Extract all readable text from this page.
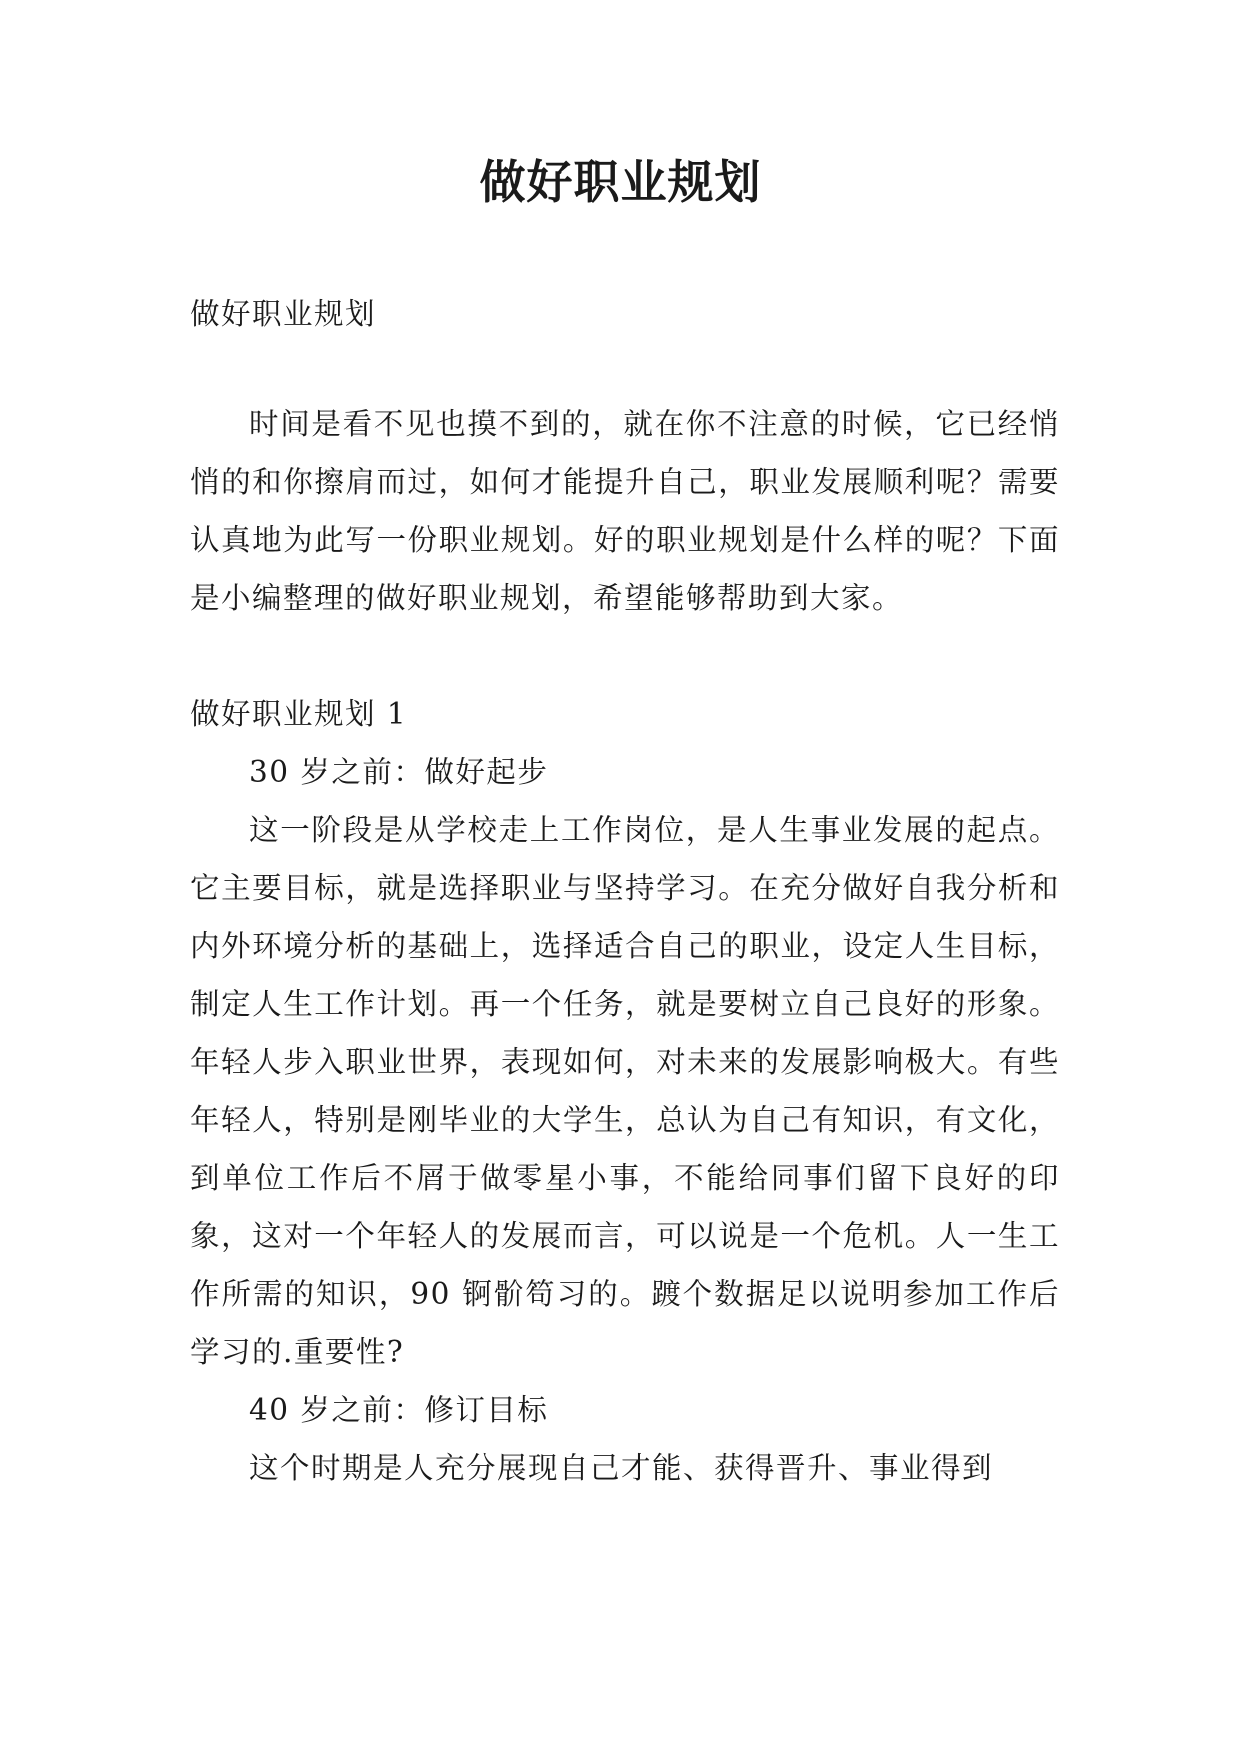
做好职业规划

做好职业规划

时间是看不见也摸不到的，就在你不注意的时候，它已经悄悄的和你擦肩而过，如何才能提升自己，职业发展顺利呢？需要认真地为此写一份职业规划。好的职业规划是什么样的呢？下面是小编整理的做好职业规划，希望能够帮助到大家。

做好职业规划 1

30 岁之前：做好起步

这一阶段是从学校走上工作岗位，是人生事业发展的起点。它主要目标，就是选择职业与坚持学习。在充分做好自我分析和内外环境分析的基础上，选择适合自己的职业，设定人生目标，制定人生工作计划。再一个任务，就是要树立自己良好的形象。年轻人步入职业世界，表现如何，对未来的发展影响极大。有些年轻人，特别是刚毕业的大学生，总认为自己有知识，有文化，到单位工作后不屑于做零星小事，不能给同事们留下良好的印象，这对一个年轻人的发展而言，可以说是一个危机。人一生工作所需的知识，90 锕骱笱习的。踱个数据足以说明参加工作后学习的.重要性?

40 岁之前：修订目标

这个时期是人充分展现自己才能、获得晋升、事业得到
